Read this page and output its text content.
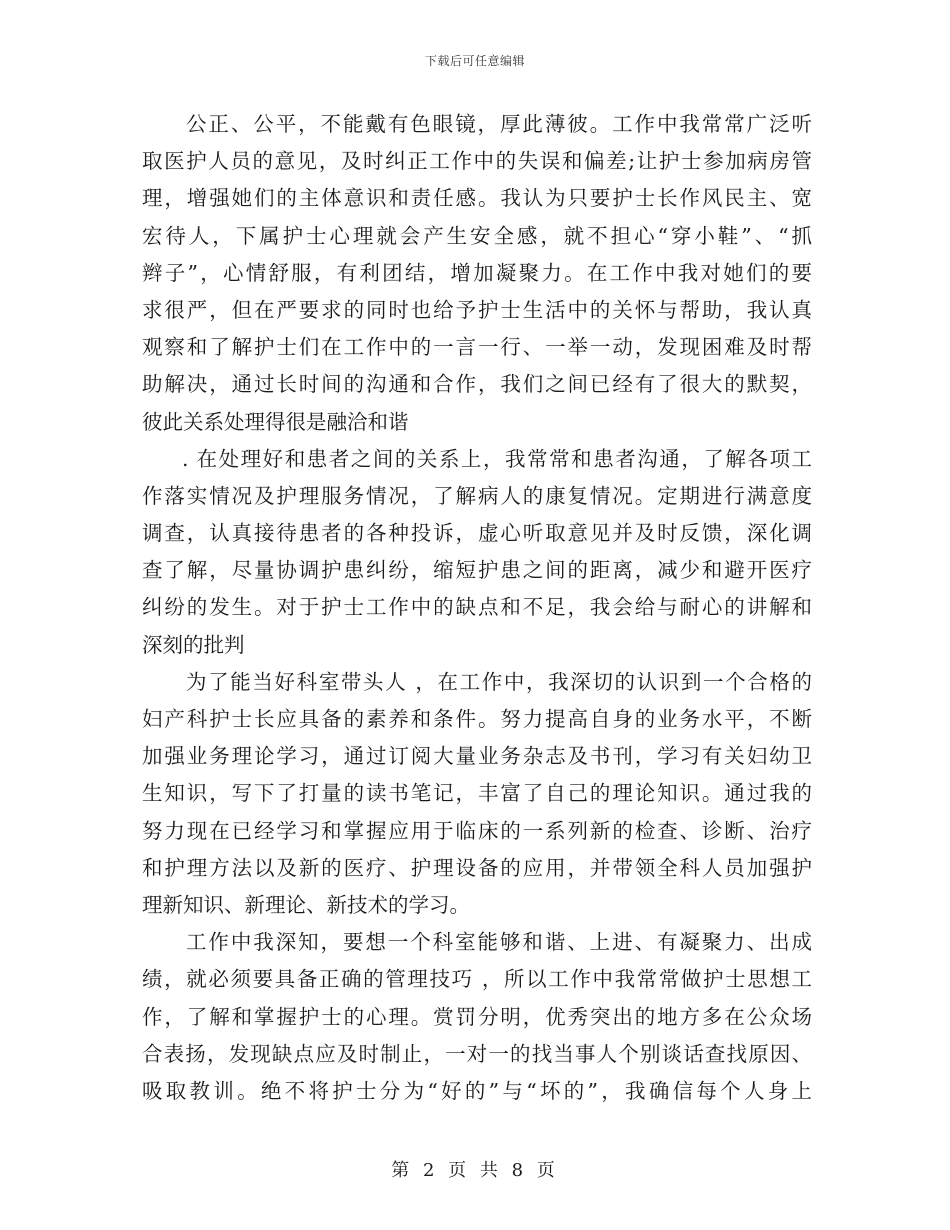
下载后可任意编辑
公正、公平，不能戴有色眼镜，厚此薄彼。工作中我常常广泛听
取医护人员的意见，及时纠正工作中的失误和偏差;让护士参加病房管
理，增强她们的主体意识和责任感。我认为只要护士长作风民主、宽
宏待人，下属护士心理就会产生安全感，就不担心“穿小鞋”、“抓
辫子”，心情舒服，有利团结，增加凝聚力。在工作中我对她们的要
求很严，但在严要求的同时也给予护士生活中的关怀与帮助，我认真
观察和了解护士们在工作中的一言一行、一举一动，发现困难及时帮
助解决，通过长时间的沟通和合作，我们之间已经有了很大的默契，
彼此关系处理得很是融洽和谐
. 在处理好和患者之间的关系上，我常常和患者沟通，了解各项工
作落实情况及护理服务情况，了解病人的康复情况。定期进行满意度
调查，认真接待患者的各种投诉，虚心听取意见并及时反馈，深化调
查了解，尽量协调护患纠纷，缩短护患之间的距离，减少和避开医疗
纠纷的发生。对于护士工作中的缺点和不足，我会给与耐心的讲解和
深刻的批判
为了能当好科室带头人 ，在工作中，我深切的认识到一个合格的
妇产科护士长应具备的素养和条件。努力提高自身的业务水平，不断
加强业务理论学习，通过订阅大量业务杂志及书刊，学习有关妇幼卫
生知识，写下了打量的读书笔记，丰富了自己的理论知识。通过我的
努力现在已经学习和掌握应用于临床的一系列新的检查、诊断、治疗
和护理方法以及新的医疗、护理设备的应用，并带领全科人员加强护
理新知识、新理论、新技术的学习。
工作中我深知，要想一个科室能够和谐、上进、有凝聚力、出成
绩，就必须要具备正确的管理技巧 ，所以工作中我常常做护士思想工
作，了解和掌握护士的心理。赏罚分明，优秀突出的地方多在公众场
合表扬，发现缺点应及时制止，一对一的找当事人个别谈话查找原因、
吸取教训。绝不将护士分为“好的”与“坏的”，我确信每个人身上
第 2 页 共 8 页
